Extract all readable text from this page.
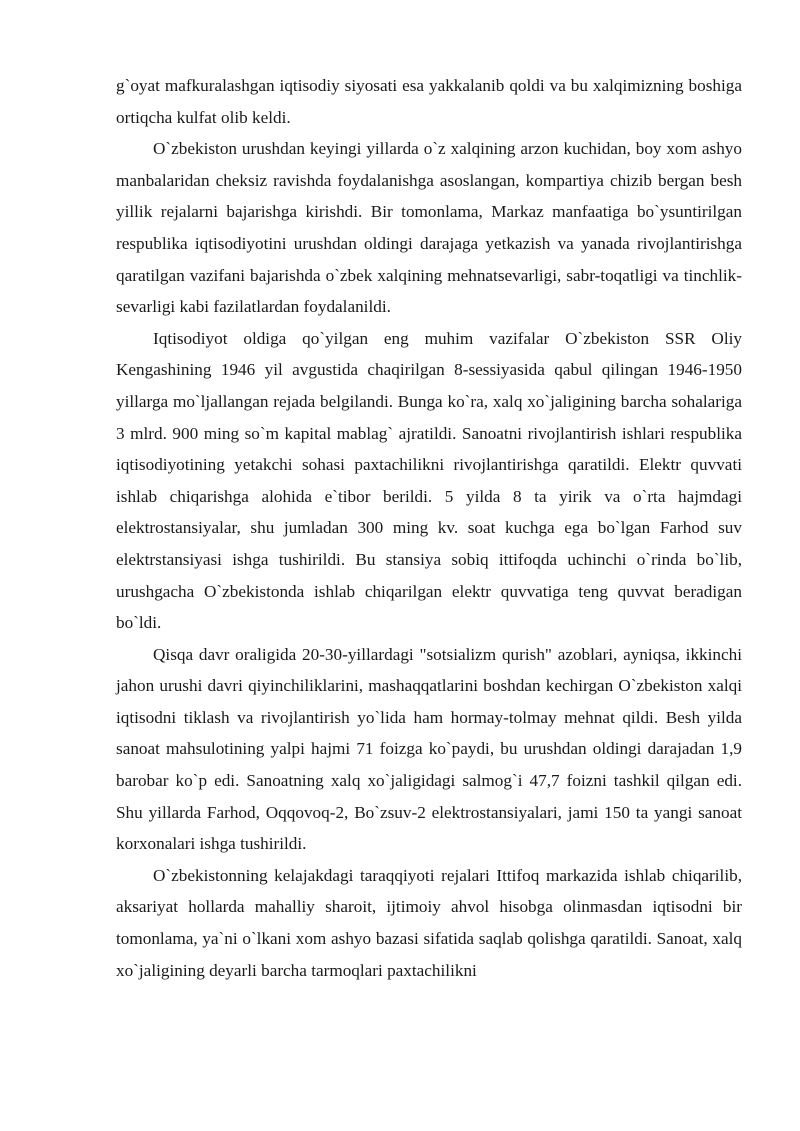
g`oyat mafkuralashgan iqtisodiy siyosati esa yakkalanib qoldi va bu xalqimizning boshiga ortiqcha kulfat olib keldi.

O`zbekiston urushdan keyingi yillarda o`z xalqining arzon kuchidan, boy xom ashyo manbalaridan cheksiz ravishda foydalanishga asoslangan, kompartiya chizib bergan besh yillik rejalarni bajarishga kirishdi. Bir tomonlama, Markaz manfaatiga bo`ysuntirilgan respublika iqtisodiyotini urushdan oldingi darajaga yetkazish va yanada rivojlantirishga qaratilgan vazifani bajarishda o`zbek xalqining mehnatsevarligi, sabr-toqatligi va tinchlik-sevarligi kabi fazilatlardan foydalanildi.

Iqtisodiyot oldiga qo`yilgan eng muhim vazifalar O`zbekiston SSR Oliy Kengashining 1946 yil avgustida chaqirilgan 8-sessiyasida qabul qilingan 1946-1950 yillarga mo`ljallangan rejada belgilandi. Bunga ko`ra, xalq xo`jaligining barcha sohalariga 3 mlrd. 900 ming so`m kapital mablag` ajratildi. Sanoatni rivojlantirish ishlari respublika iqtisodiyotining yetakchi sohasi paxtachilikni rivojlantirishga qaratildi. Elektr quvvati ishlab chiqarishga alohida e`tibor berildi. 5 yilda 8 ta yirik va o`rta hajmdagi elektrostansiyalar, shu jumladan 300 ming kv. soat kuchga ega bo`lgan Farhod suv elektrstansiyasi ishga tushirildi. Bu stansiya sobiq ittifoqda uchinchi o`rinda bo`lib, urushgacha O`zbekistonda ishlab chiqarilgan elektr quvvatiga teng quvvat beradigan bo`ldi.

Qisqa davr oraligida 20-30-yillardagi "sotsializm qurish" azoblari, ayniqsa, ikkinchi jahon urushi davri qiyinchiliklarini, mashaqqatlarini boshdan kechirgan O`zbekiston xalqi iqtisodni tiklash va rivojlantirish yo`lida ham hormay-tolmay mehnat qildi. Besh yilda sanoat mahsulotining yalpi hajmi 71 foizga ko`paydi, bu urushdan oldingi darajadan 1,9 barobar ko`p edi. Sanoatning xalq xo`jaligidagi salmog`i 47,7 foizni tashkil qilgan edi. Shu yillarda Farhod, Oqqovoq-2, Bo`zsuv-2 elektrostansiyalari, jami 150 ta yangi sanoat korxonalari ishga tushirildi.

O`zbekistonning kelajakdagi taraqqiyoti rejalari Ittifoq markazida ishlab chiqarilib, aksariyat hollarda mahalliy sharoit, ijtimoiy ahvol hisobga olinmasdan iqtisodni bir tomonlama, ya`ni o`lkani xom ashyo bazasi sifatida saqlab qolishga qaratildi. Sanoat, xalq xo`jaligining deyarli barcha tarmoqlari paxtachilikni
